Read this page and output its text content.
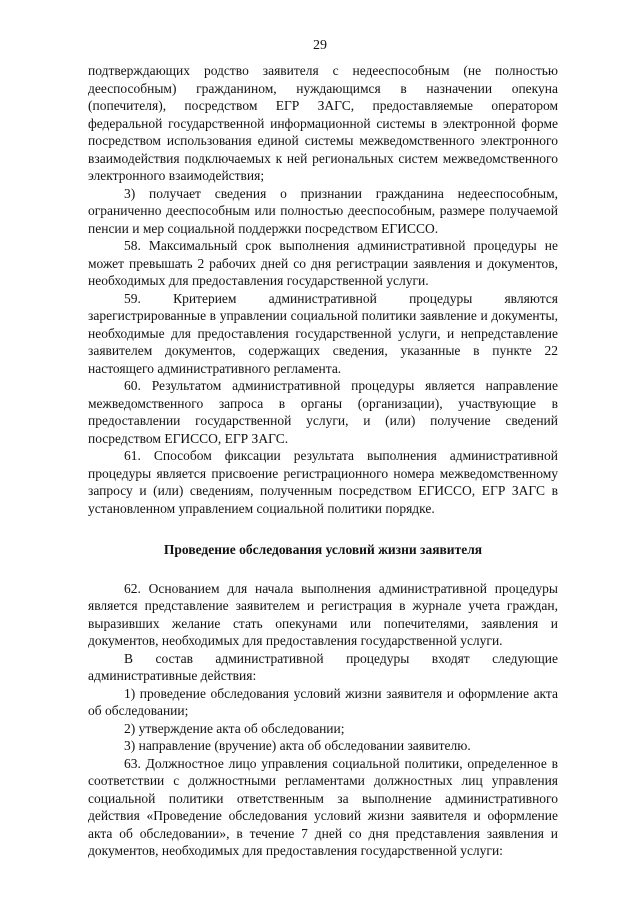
29

подтверждающих родство заявителя с недееспособным (не полностью дееспособным) гражданином, нуждающимся в назначении опекуна (попечителя), посредством ЕГР ЗАГС, предоставляемые оператором федеральной государственной информационной системы в электронной форме посредством использования единой системы межведомственного электронного взаимодействия подключаемых к ней региональных систем межведомственного электронного взаимодействия;

3) получает сведения о признании гражданина недееспособным, ограниченно дееспособным или полностью дееспособным, размере получаемой пенсии и мер социальной поддержки посредством ЕГИССО.

58. Максимальный срок выполнения административной процедуры не может превышать 2 рабочих дней со дня регистрации заявления и документов, необходимых для предоставления государственной услуги.

59. Критерием административной процедуры являются зарегистрированные в управлении социальной политики заявление и документы, необходимые для предоставления государственной услуги, и непредставление заявителем документов, содержащих сведения, указанные в пункте 22 настоящего административного регламента.

60. Результатом административной процедуры является направление межведомственного запроса в органы (организации), участвующие в предоставлении государственной услуги, и (или) получение сведений посредством ЕГИССО, ЕГР ЗАГС.

61. Способом фиксации результата выполнения административной процедуры является присвоение регистрационного номера межведомственному запросу и (или) сведениям, полученным посредством ЕГИССО, ЕГР ЗАГС в установленном управлением социальной политики порядке.

Проведение обследования условий жизни заявителя

62. Основанием для начала выполнения административной процедуры является представление заявителем и регистрация в журнале учета граждан, выразивших желание стать опекунами или попечителями, заявления и документов, необходимых для предоставления государственной услуги.

В состав административной процедуры входят следующие административные действия:

1) проведение обследования условий жизни заявителя и оформление акта об обследовании;

2) утверждение акта об обследовании;

3) направление (вручение) акта об обследовании заявителю.

63. Должностное лицо управления социальной политики, определенное в соответствии с должностными регламентами должностных лиц управления социальной политики ответственным за выполнение административного действия «Проведение обследования условий жизни заявителя и оформление акта об обследовании», в течение 7 дней со дня представления заявления и документов, необходимых для предоставления государственной услуги:
